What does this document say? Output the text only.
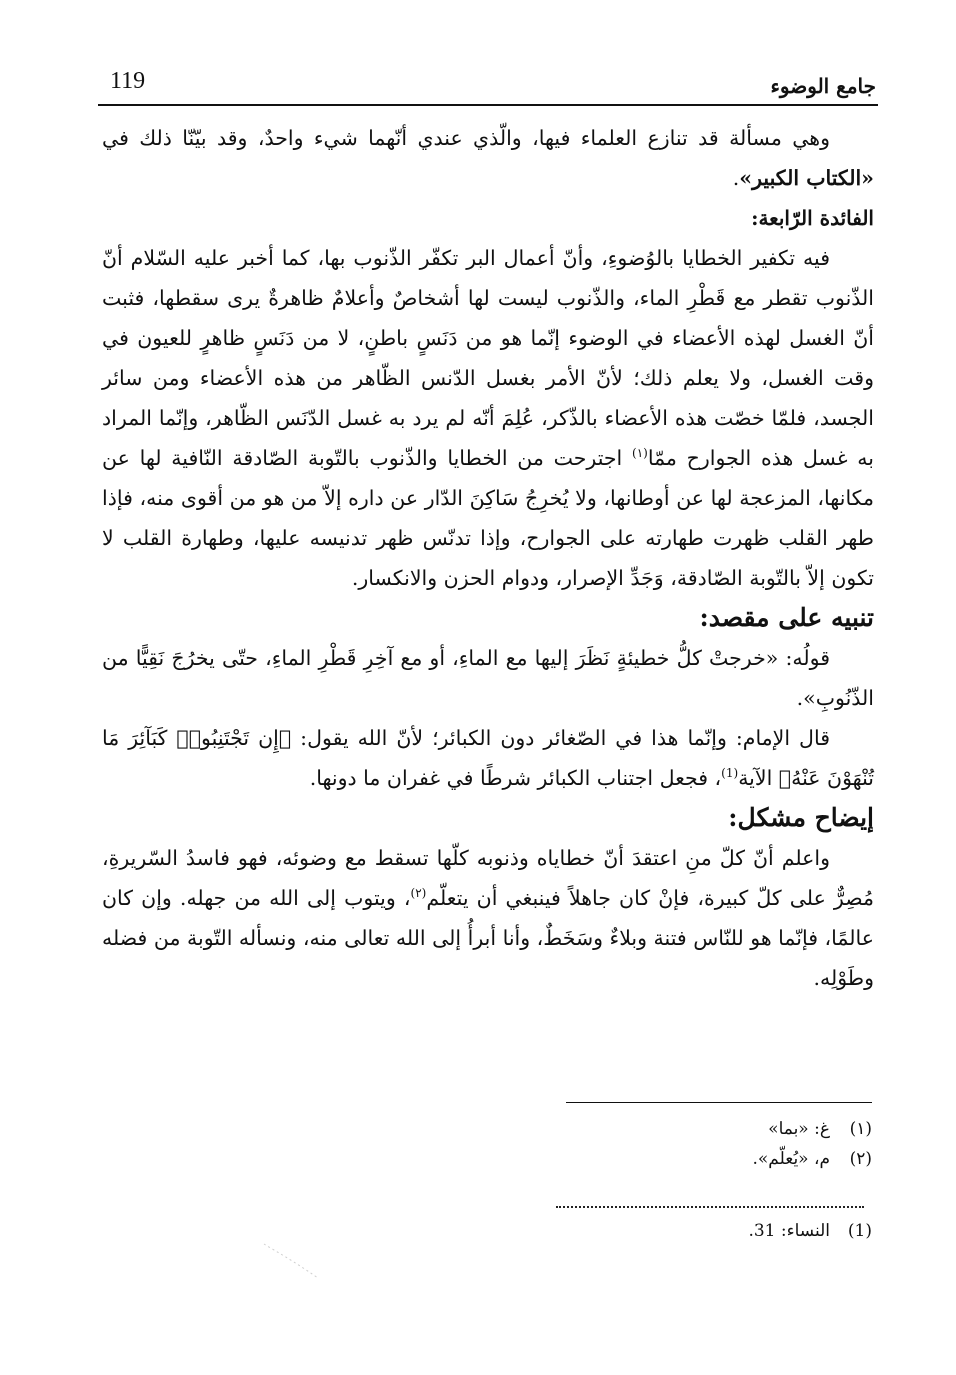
119	جامع الوضوء

وهي مسألة قد تنازع العلماء فيها، والّذي عندي أنّهما شيء واحدٌ، وقد بيّنّا ذلك في «الكتاب الكبير».

الفائدة الرّابعة:

فيه تكفير الخطايا بالوُضوءِ، وأنّ أعمال البر تكفّر الذّنوب بها، كما أخبر عليه السّلام أنّ الذّنوب تقطر مع قَطْرِ الماء، والذّنوب ليست لها أشخاصٌ وأعلامٌ ظاهرةٌ يرى سقطها، فثبت أنّ الغسل لهذه الأعضاء في الوضوء إنّما هو من دَنَسٍ باطنٍ، لا من دَنَسٍ ظاهرٍ للعيون في وقت الغسل، ولا يعلم ذلك؛ لأنّ الأمر بغسل الدّنس الظّاهر من هذه الأعضاء ومن سائر الجسد، فلمّا خصّت هذه الأعضاء بالذّكر، عُلِمَ أنّه لم يرد به غسل الدّنَس الظّاهر، وإنّما المراد به غسل هذه الجوارح ممّا$^{(١)}$ اجترحت من الخطايا والذّنوب بالتّوبة الصّادقة النّافية لها عن مكانها، المزعجة لها عن أوطانها، ولا يُخرِجُ سَاكِنَ الدّار عن داره إلاّ من هو من أقوى منه، فإذا طهر القلب ظهرت طهارته على الجوارح، وإذا تدنّس ظهر تدنيسه عليها، وطهارة القلب لا تكون إلاّ بالتّوبة الصّادقة، وَجَدِّ الإصرار، ودوام الحزن والانكسار.

تنبيه على مقصد:

قولُه: «خرجتْ كلُّ خطيئةٍ نَظَرَ إليها مع الماءِ، أو مع آخِرِ قَطْرِ الماءِ، حتّى يخرُجَ نَقِيًّا من الذّنُوبِ».

قال الإمام: وإنّما هذا في الصّغائر دون الكبائر؛ لأنّ الله يقول: ﴿إِن تَجْتَنِبُوا۟ كَبَآئِرَ مَا تُنْهَوْنَ عَنْهُ﴾ الآية$^{(1)}$، فجعل اجتناب الكبائر شرطًا في غفران ما دونها.

إيضاح مشكل:

واعلم أنّ كلّ منِ اعتقدَ أنّ خطاياه وذنوبه كلّها تسقط مع وضوئه، فهو فاسدُ السّريرةِ، مُصِرٌّ على كلّ كبيرة، فإنْ كان جاهلاً فينبغي أن يتعلّم$^{(٢)}$، ويتوب إلى الله من جهله. وإن كان عالمًا، فإنّما هو للنّاس فتنة وبلاءٌ وسَخَطٌ، وأنا أبرأُ إلى الله تعالى منه، ونسأله التّوبة من فضله وطَوْلِه.

(١)غ: «بما»

(٢)م، «يُعلّم».

(1)النساء: 31.
